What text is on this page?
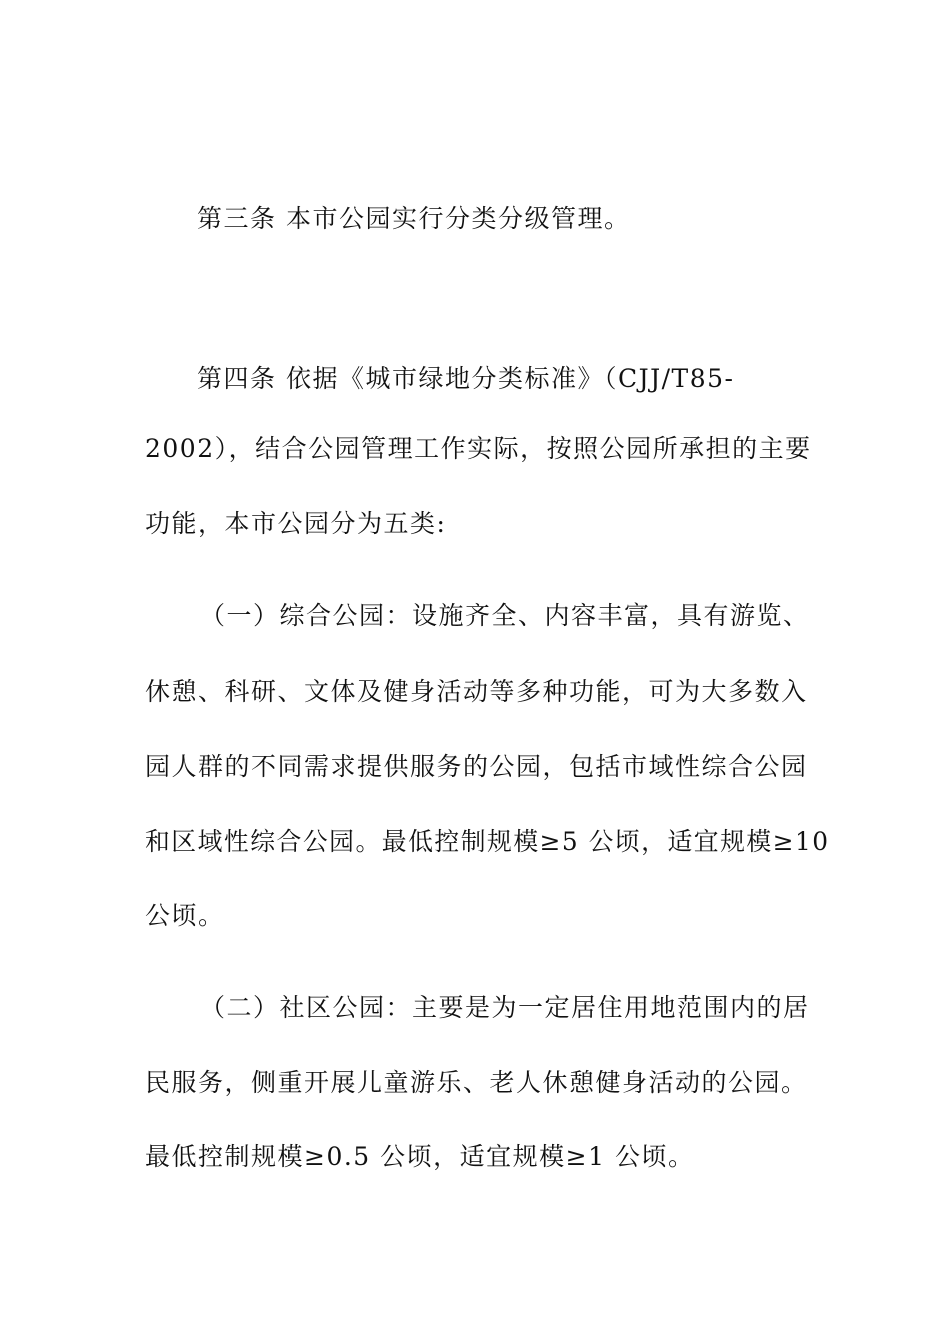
第三条 本市公园实行分类分级管理。
第四条 依据《城市绿地分类标准》（CJJ/T85-
2002），结合公园管理工作实际，按照公园所承担的主要
功能，本市公园分为五类:
（一）综合公园：设施齐全、内容丰富，具有游览、
休憩、科研、文体及健身活动等多种功能，可为大多数入
园人群的不同需求提供服务的公园，包括市域性综合公园
和区域性综合公园。最低控制规模≥5 公顷，适宜规模≥10
公顷。
（二）社区公园：主要是为一定居住用地范围内的居
民服务，侧重开展儿童游乐、老人休憩健身活动的公园。
最低控制规模≥0.5 公顷，适宜规模≥1 公顷。
